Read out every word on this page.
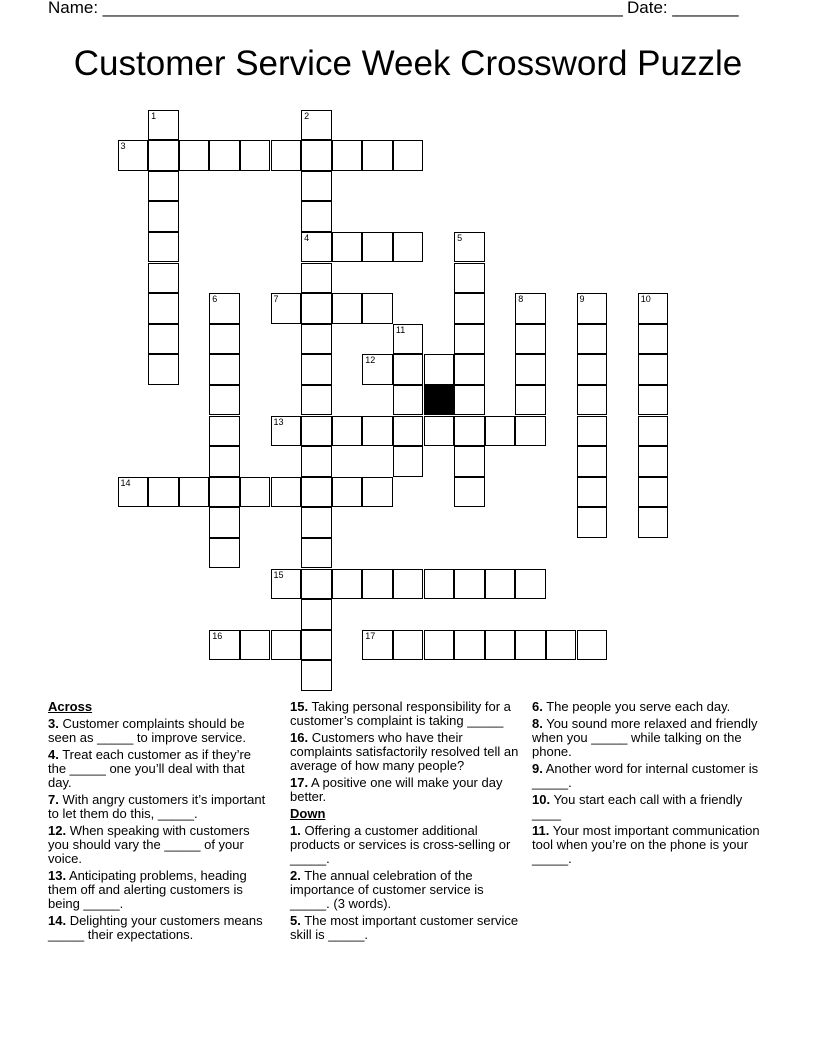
Name: _______________________________________________________ Date: _______
Customer Service Week Crossword Puzzle
1	2
4
3
5
6	7	8	9	10
11
12
13
14
15
16	17
Across
3. Customer complaints should be seen as _____ to improve service.
4. Treat each customer as if they’re the _____ one you’ll deal with that day.
7. With angry customers it’s important to let them do this, _____.
12. When speaking with customers you should vary the _____ of your voice.
13. Anticipating problems, heading them off and alerting customers is being _____.
14. Delighting your customers means _____ their expectations.
15. Taking personal responsibility for a customer’s complaint is taking _____
16. Customers who have their complaints satisfactorily resolved tell an average of how many people?
17. A positive one will make your day better.
Down
1. Offering a customer additional products or services is cross-selling or _____.
2. The annual celebration of the importance of customer service is _____. (3 words).
5. The most important customer service skill is _____.
6. The people you serve each day.
8. You sound more relaxed and friendly when you _____ while talking on the phone.
9. Another word for internal customer is _____.
10. You start each call with a friendly ____
11. Your most important communication tool when you’re on the phone is your _____.
